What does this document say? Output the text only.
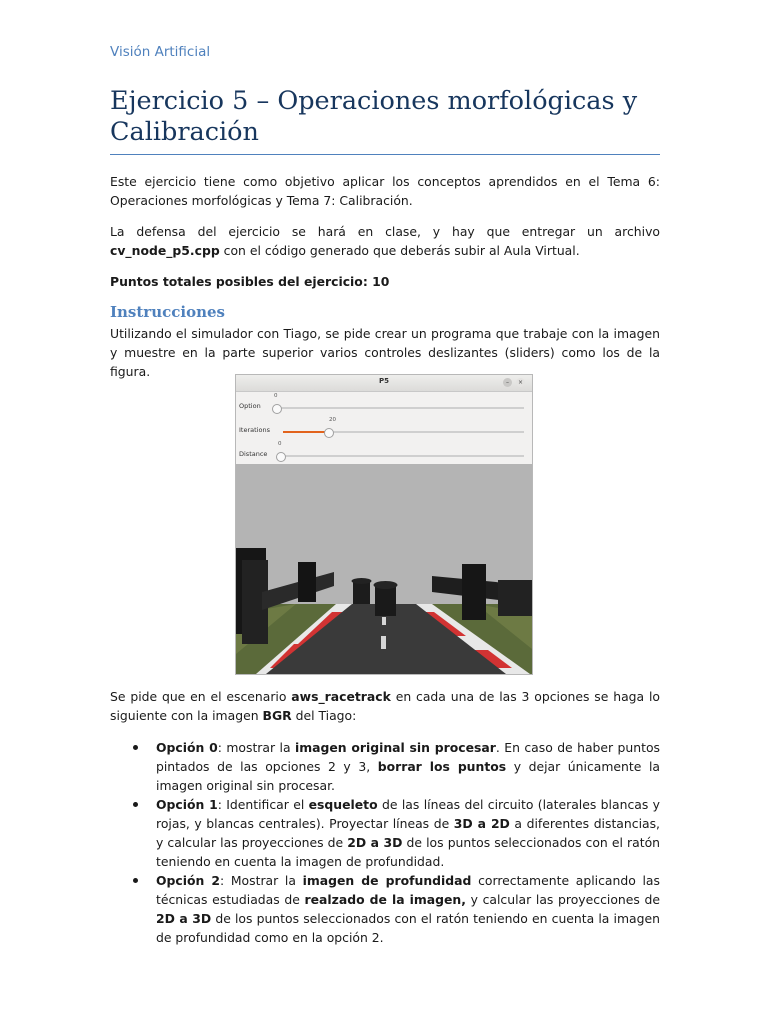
Visión Artificial
Ejercicio 5 – Operaciones morfológicas y Calibración

Este ejercicio tiene como objetivo aplicar los conceptos aprendidos en el Tema 6: Operaciones morfológicas y Tema 7: Calibración.

La defensa del ejercicio se hará en clase, y hay que entregar un archivo cv_node_p5.cpp con el código generado que deberás subir al Aula Virtual.

Puntos totales posibles del ejercicio: 10

Instrucciones

Utilizando el simulador con Tiago, se pide crear un programa que trabaje con la imagen y muestre en la parte superior varios controles deslizantes (sliders) como los de la figura.

P5	–	×
Option
0
Iterations
20
Distance
0

Se pide que en el escenario aws_racetrack en cada una de las 3 opciones se haga lo siguiente con la imagen BGR del Tiago:

Opción 0: mostrar la imagen original sin procesar. En caso de haber puntos pintados de las opciones 2 y 3, borrar los puntos y dejar únicamente la imagen original sin procesar.
Opción 1: Identificar el esqueleto de las líneas del circuito (laterales blancas y rojas, y blancas centrales). Proyectar líneas de 3D a 2D a diferentes distancias, y calcular las proyecciones de 2D a 3D de los puntos seleccionados con el ratón teniendo en cuenta la imagen de profundidad.
Opción 2: Mostrar la imagen de profundidad correctamente aplicando las técnicas estudiadas de realzado de la imagen, y calcular las proyecciones de 2D a 3D de los puntos seleccionados con el ratón teniendo en cuenta la imagen de profundidad como en la opción 2.
